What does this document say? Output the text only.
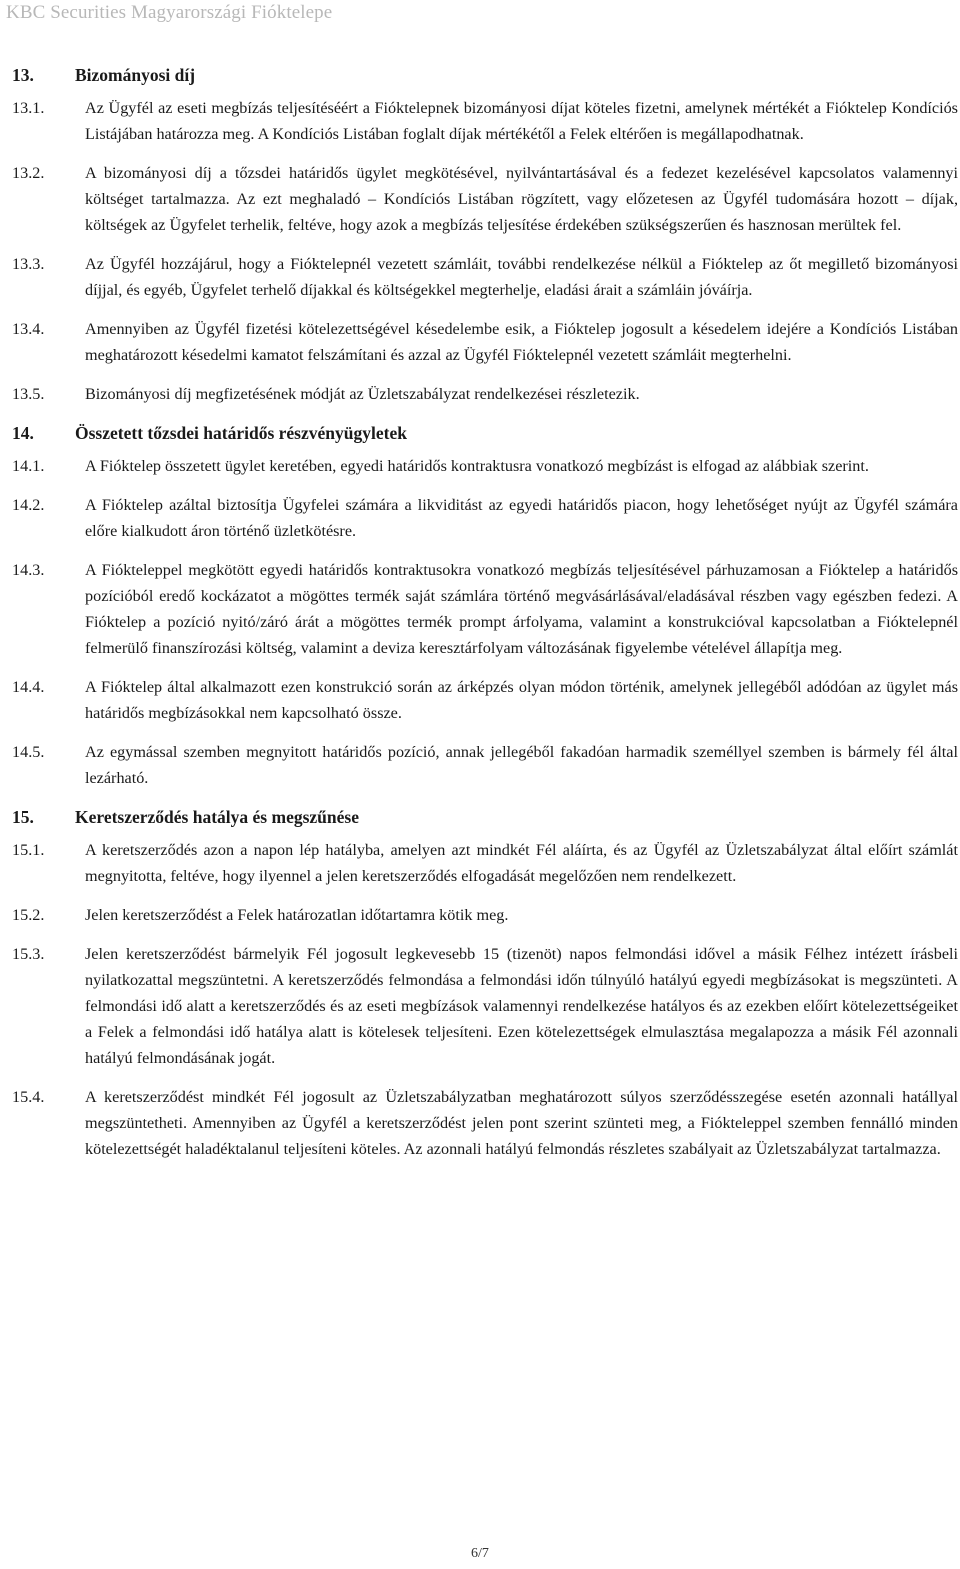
KBC Securities Magyarországi Fióktelepe
13.	Bizományosi díj
13.1.	Az Ügyfél az eseti megbízás teljesítéséért a Fióktelepnek bizományosi díjat köteles fizetni, amelynek mértékét a Fióktelep Kondíciós Listájában határozza meg. A Kondíciós Listában foglalt díjak mértékétől a Felek eltérően is megállapodhatnak.
13.2.	A bizományosi díj a tőzsdei határidős ügylet megkötésével, nyilvántartásával és a fedezet kezelésével kapcsolatos valamennyi költséget tartalmazza. Az ezt meghaladó – Kondíciós Listában rögzített, vagy előzetesen az Ügyfél tudomására hozott – díjak, költségek az Ügyfelet terhelik, feltéve, hogy azok a megbízás teljesítése érdekében szükségszerűen és hasznosan merültek fel.
13.3.	Az Ügyfél hozzájárul, hogy a Fióktelepnél vezetett számláit, további rendelkezése nélkül a Fióktelep az őt megillető bizományosi díjjal, és egyéb, Ügyfelet terhelő díjakkal és költségekkel megterhelje, eladási árait a számláin jóváírja.
13.4.	Amennyiben az Ügyfél fizetési kötelezettségével késedelembe esik, a Fióktelep jogosult a késedelem idejére a Kondíciós Listában meghatározott késedelmi kamatot felszámítani és azzal az Ügyfél Fióktelepnél vezetett számláit megterhelni.
13.5.	Bizományosi díj megfizetésének módját az Üzletszabályzat rendelkezései részletezik.
14.	Összetett tőzsdei határidős részvényügyletek
14.1.	A Fióktelep összetett ügylet keretében, egyedi határidős kontraktusra vonatkozó megbízást is elfogad az alábbiak szerint.
14.2.	A Fióktelep azáltal biztosítja Ügyfelei számára a likviditást az egyedi határidős piacon, hogy lehetőséget nyújt az Ügyfél számára előre kialkudott áron történő üzletkötésre.
14.3.	A Fiókteleppel megkötött egyedi határidős kontraktusokra vonatkozó megbízás teljesítésével párhuzamosan a Fióktelep a határidős pozícióból eredő kockázatot a mögöttes termék saját számlára történő megvásárlásával/eladásával részben vagy egészben fedezi. A Fióktelep a pozíció nyitó/záró árát a mögöttes termék prompt árfolyama, valamint a konstrukcióval kapcsolatban a Fióktelepnél felmerülő finanszírozási költség, valamint a deviza keresztárfolyam változásának figyelembe vételével állapítja meg.
14.4.	A Fióktelep által alkalmazott ezen konstrukció során az árképzés olyan módon történik, amelynek jellegéből adódóan az ügylet más határidős megbízásokkal nem kapcsolható össze.
14.5.	Az egymással szemben megnyitott határidős pozíció, annak jellegéből fakadóan harmadik személlyel szemben is bármely fél által lezárható.
15.	Keretszerződés hatálya és megszűnése
15.1.	A keretszerződés azon a napon lép hatályba, amelyen azt mindkét Fél aláírta, és az Ügyfél az Üzletszabályzat által előírt számlát megnyitotta, feltéve, hogy ilyennel a jelen keretszerződés elfogadását megelőzően nem rendelkezett.
15.2.	Jelen keretszerződést a Felek határozatlan időtartamra kötik meg.
15.3.	Jelen keretszerződést bármelyik Fél jogosult legkevesebb 15 (tizenöt) napos felmondási idővel a másik Félhez intézett írásbeli nyilatkozattal megszüntetni. A keretszerződés felmondása a felmondási időn túlnyúló hatályú egyedi megbízásokat is megszünteti. A felmondási idő alatt a keretszerződés és az eseti megbízások valamennyi rendelkezése hatályos és az ezekben előírt kötelezettségeiket a Felek a felmondási idő hatálya alatt is kötelesek teljesíteni. Ezen kötelezettségek elmulasztása megalapozza a másik Fél azonnali hatályú felmondásának jogát.
15.4.	A keretszerződést mindkét Fél jogosult az Üzletszabályzatban meghatározott súlyos szerződésszegése esetén azonnali hatállyal megszüntetheti. Amennyiben az Ügyfél a keretszerződést jelen pont szerint szünteti meg, a Fiókteleppel szemben fennálló minden kötelezettségét haladéktalanul teljesíteni köteles. Az azonnali hatályú felmondás részletes szabályait az Üzletszabályzat tartalmazza.
6/7
